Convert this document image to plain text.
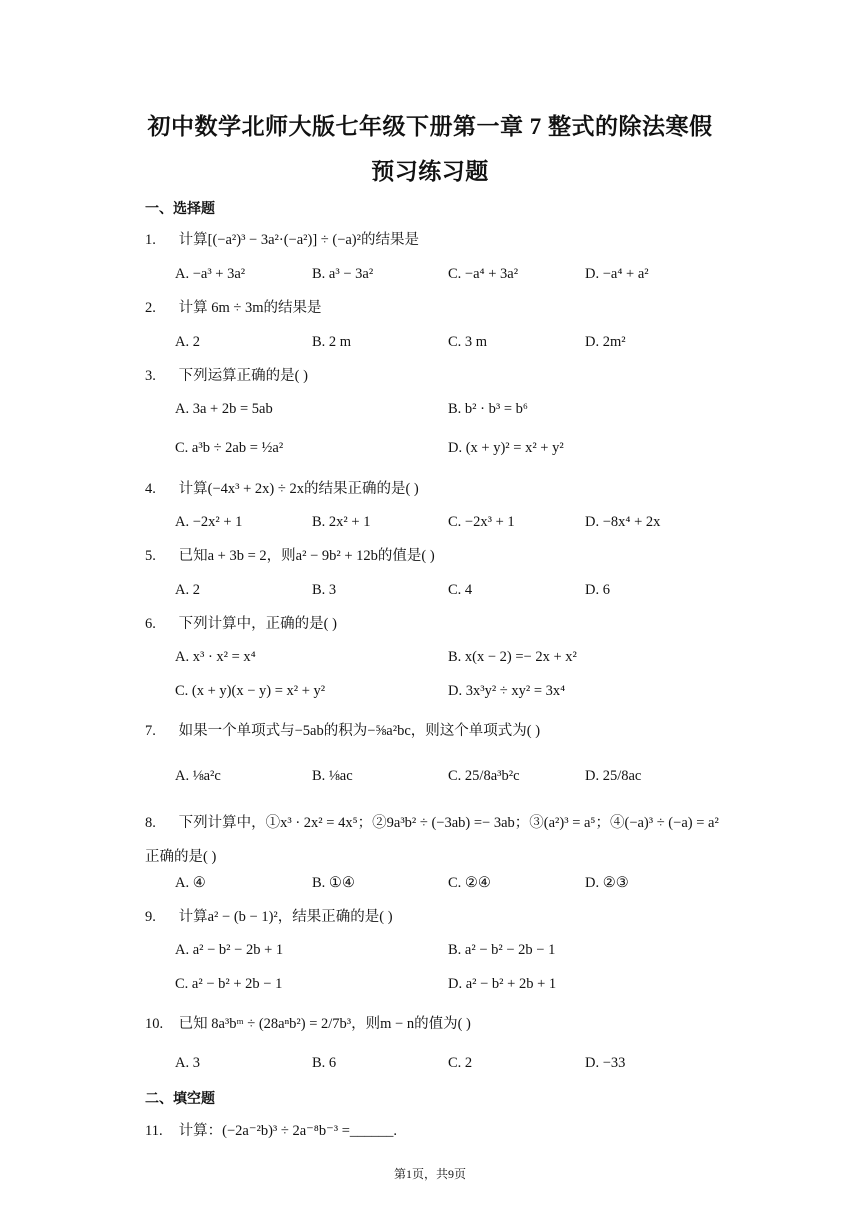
初中数学北师大版七年级下册第一章 7 整式的除法寒假
预习练习题
一、选择题
1. 计算[(−a²)³ − 3a²·(−a²)] ÷ (−a)²的结果是
A. −a³ + 3a²	B. a³ − 3a²	C. −a⁴ + 3a²	D. −a⁴ + a²
2. 计算 6m ÷ 3m的结果是
A. 2	B. 2 m	C. 3 m	D. 2m²
3. 下列运算正确的是( )
A. 3a + 2b = 5ab	B. b² · b³ = b⁶
C. a³b ÷ 2ab = ½a²	D. (x + y)² = x² + y²
4. 计算(−4x³ + 2x) ÷ 2x的结果正确的是( )
A. −2x² + 1	B. 2x² + 1	C. −2x³ + 1	D. −8x⁴ + 2x
5. 已知a + 3b = 2，则a² − 9b² + 12b的值是( )
A. 2	B. 3	C. 4	D. 6
6. 下列计算中，正确的是( )
A. x³ · x² = x⁴	B. x(x − 2) =− 2x + x²
C. (x + y)(x − y) = x² + y²	D. 3x³y² ÷ xy² = 3x⁴
7. 如果一个单项式与−5ab的积为−⅝a²bc，则这个单项式为( )
A. ⅛a²c	B. ⅛ac	C. 25/8a³b²c	D. 25/8ac
8. 下列计算中，①x³ · 2x² = 4x⁵；②9a³b² ÷ (−3ab) =− 3ab；③(a²)³ = a⁵；④(−a)³ ÷ (−a) = a²正确的是( )
A. ④	B. ①④	C. ②④	D. ②③
9. 计算a² − (b − 1)²，结果正确的是( )
A. a² − b² − 2b + 1	B. a² − b² − 2b − 1
C. a² − b² + 2b − 1	D. a² − b² + 2b + 1
10. 已知 8a³bᵐ ÷ (28aⁿb²) = 2/7b³，则m − n的值为( )
A. 3	B. 6	C. 2	D. −33
二、填空题
11. 计算：(−2a⁻²b)³ ÷ 2a⁻⁸b⁻³ =______.
第1页，共9页
